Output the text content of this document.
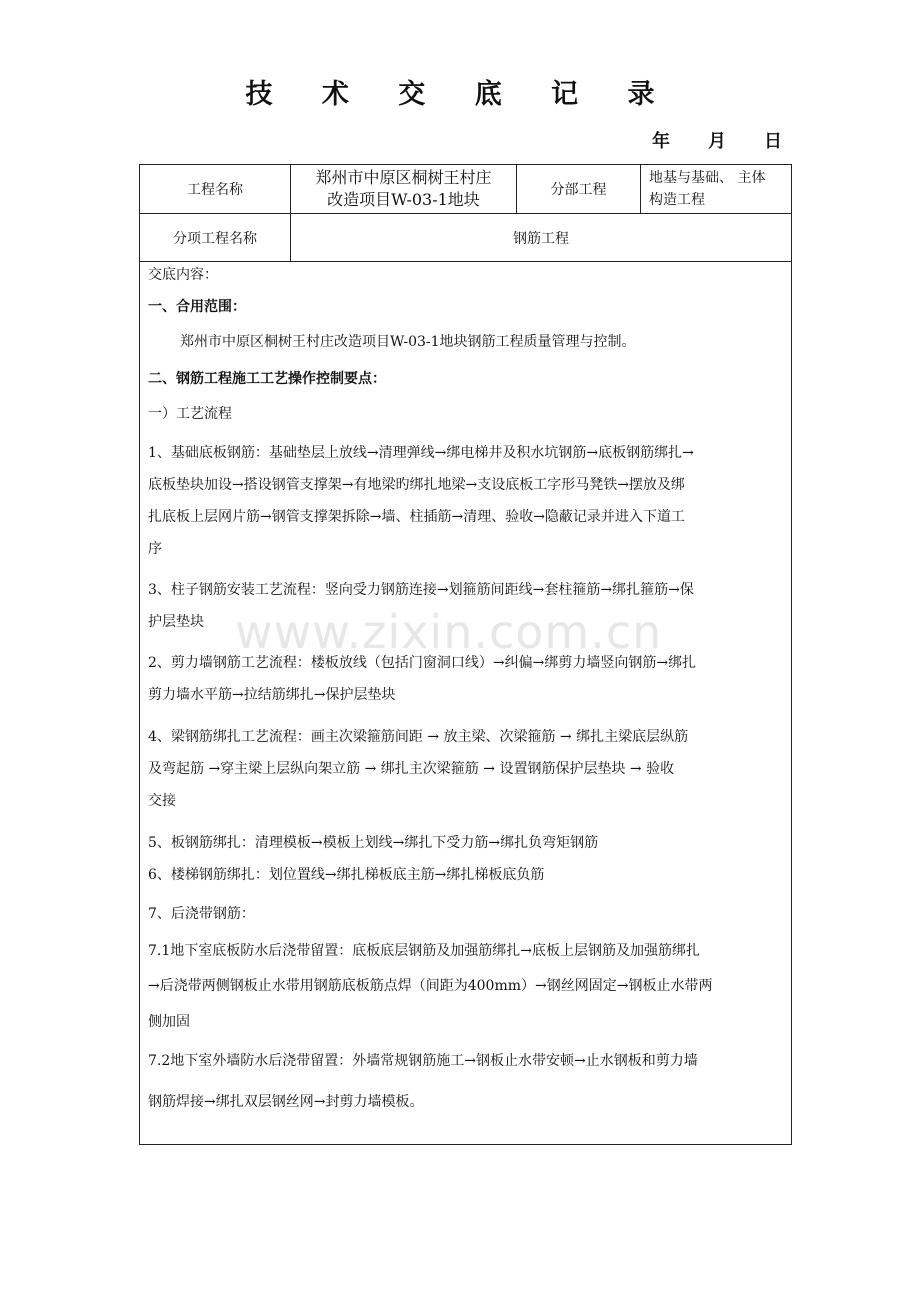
技 术 交 底 记 录
年 月 日
工程名称
郑州市中原区桐树王村庄
改造项目W-03-1地块	分部工程
地基与基础、 主体
构造工程
分项工程名称	钢筋工程
www.zixin.com.cn
交底内容：
一、合用范围：
郑州市中原区桐树王村庄改造项目W-03-1地块钢筋工程质量管理与控制。
二、钢筋工程施工工艺操作控制要点：
一）工艺流程
1、基础底板钢筋：基础垫层上放线→清理弹线→绑电梯井及积水坑钢筋→底板钢筋绑扎→
底板垫块加设→搭设钢管支撑架→有地梁旳绑扎地梁→支设底板工字形马凳铁→摆放及绑
扎底板上层网片筋→钢管支撑架拆除→墙、柱插筋→清理、验收→隐蔽记录并进入下道工
序
3、柱子钢筋安装工艺流程：竖向受力钢筋连接→划箍筋间距线→套柱箍筋→绑扎箍筋→保
护层垫块
2、剪力墙钢筋工艺流程：楼板放线（包括门窗洞口线）→纠偏→绑剪力墙竖向钢筋→绑扎
剪力墙水平筋→拉结筋绑扎→保护层垫块
4、梁钢筋绑扎工艺流程：画主次梁箍筋间距 → 放主梁、次梁箍筋 → 绑扎主梁底层纵筋
及弯起筋 →穿主梁上层纵向架立筋 → 绑扎主次梁箍筋 → 设置钢筋保护层垫块 → 验收
交接
5、板钢筋绑扎：清理模板→模板上划线→绑扎下受力筋→绑扎负弯矩钢筋
6、楼梯钢筋绑扎：划位置线→绑扎梯板底主筋→绑扎梯板底负筋
7、后浇带钢筋：
7.1地下室底板防水后浇带留置：底板底层钢筋及加强筋绑扎→底板上层钢筋及加强筋绑扎
→后浇带两侧钢板止水带用钢筋底板筋点焊（间距为400mm）→钢丝网固定→钢板止水带两
侧加固
7.2地下室外墙防水后浇带留置：外墙常规钢筋施工→钢板止水带安顿→止水钢板和剪力墙
钢筋焊接→绑扎双层钢丝网→封剪力墙模板。
